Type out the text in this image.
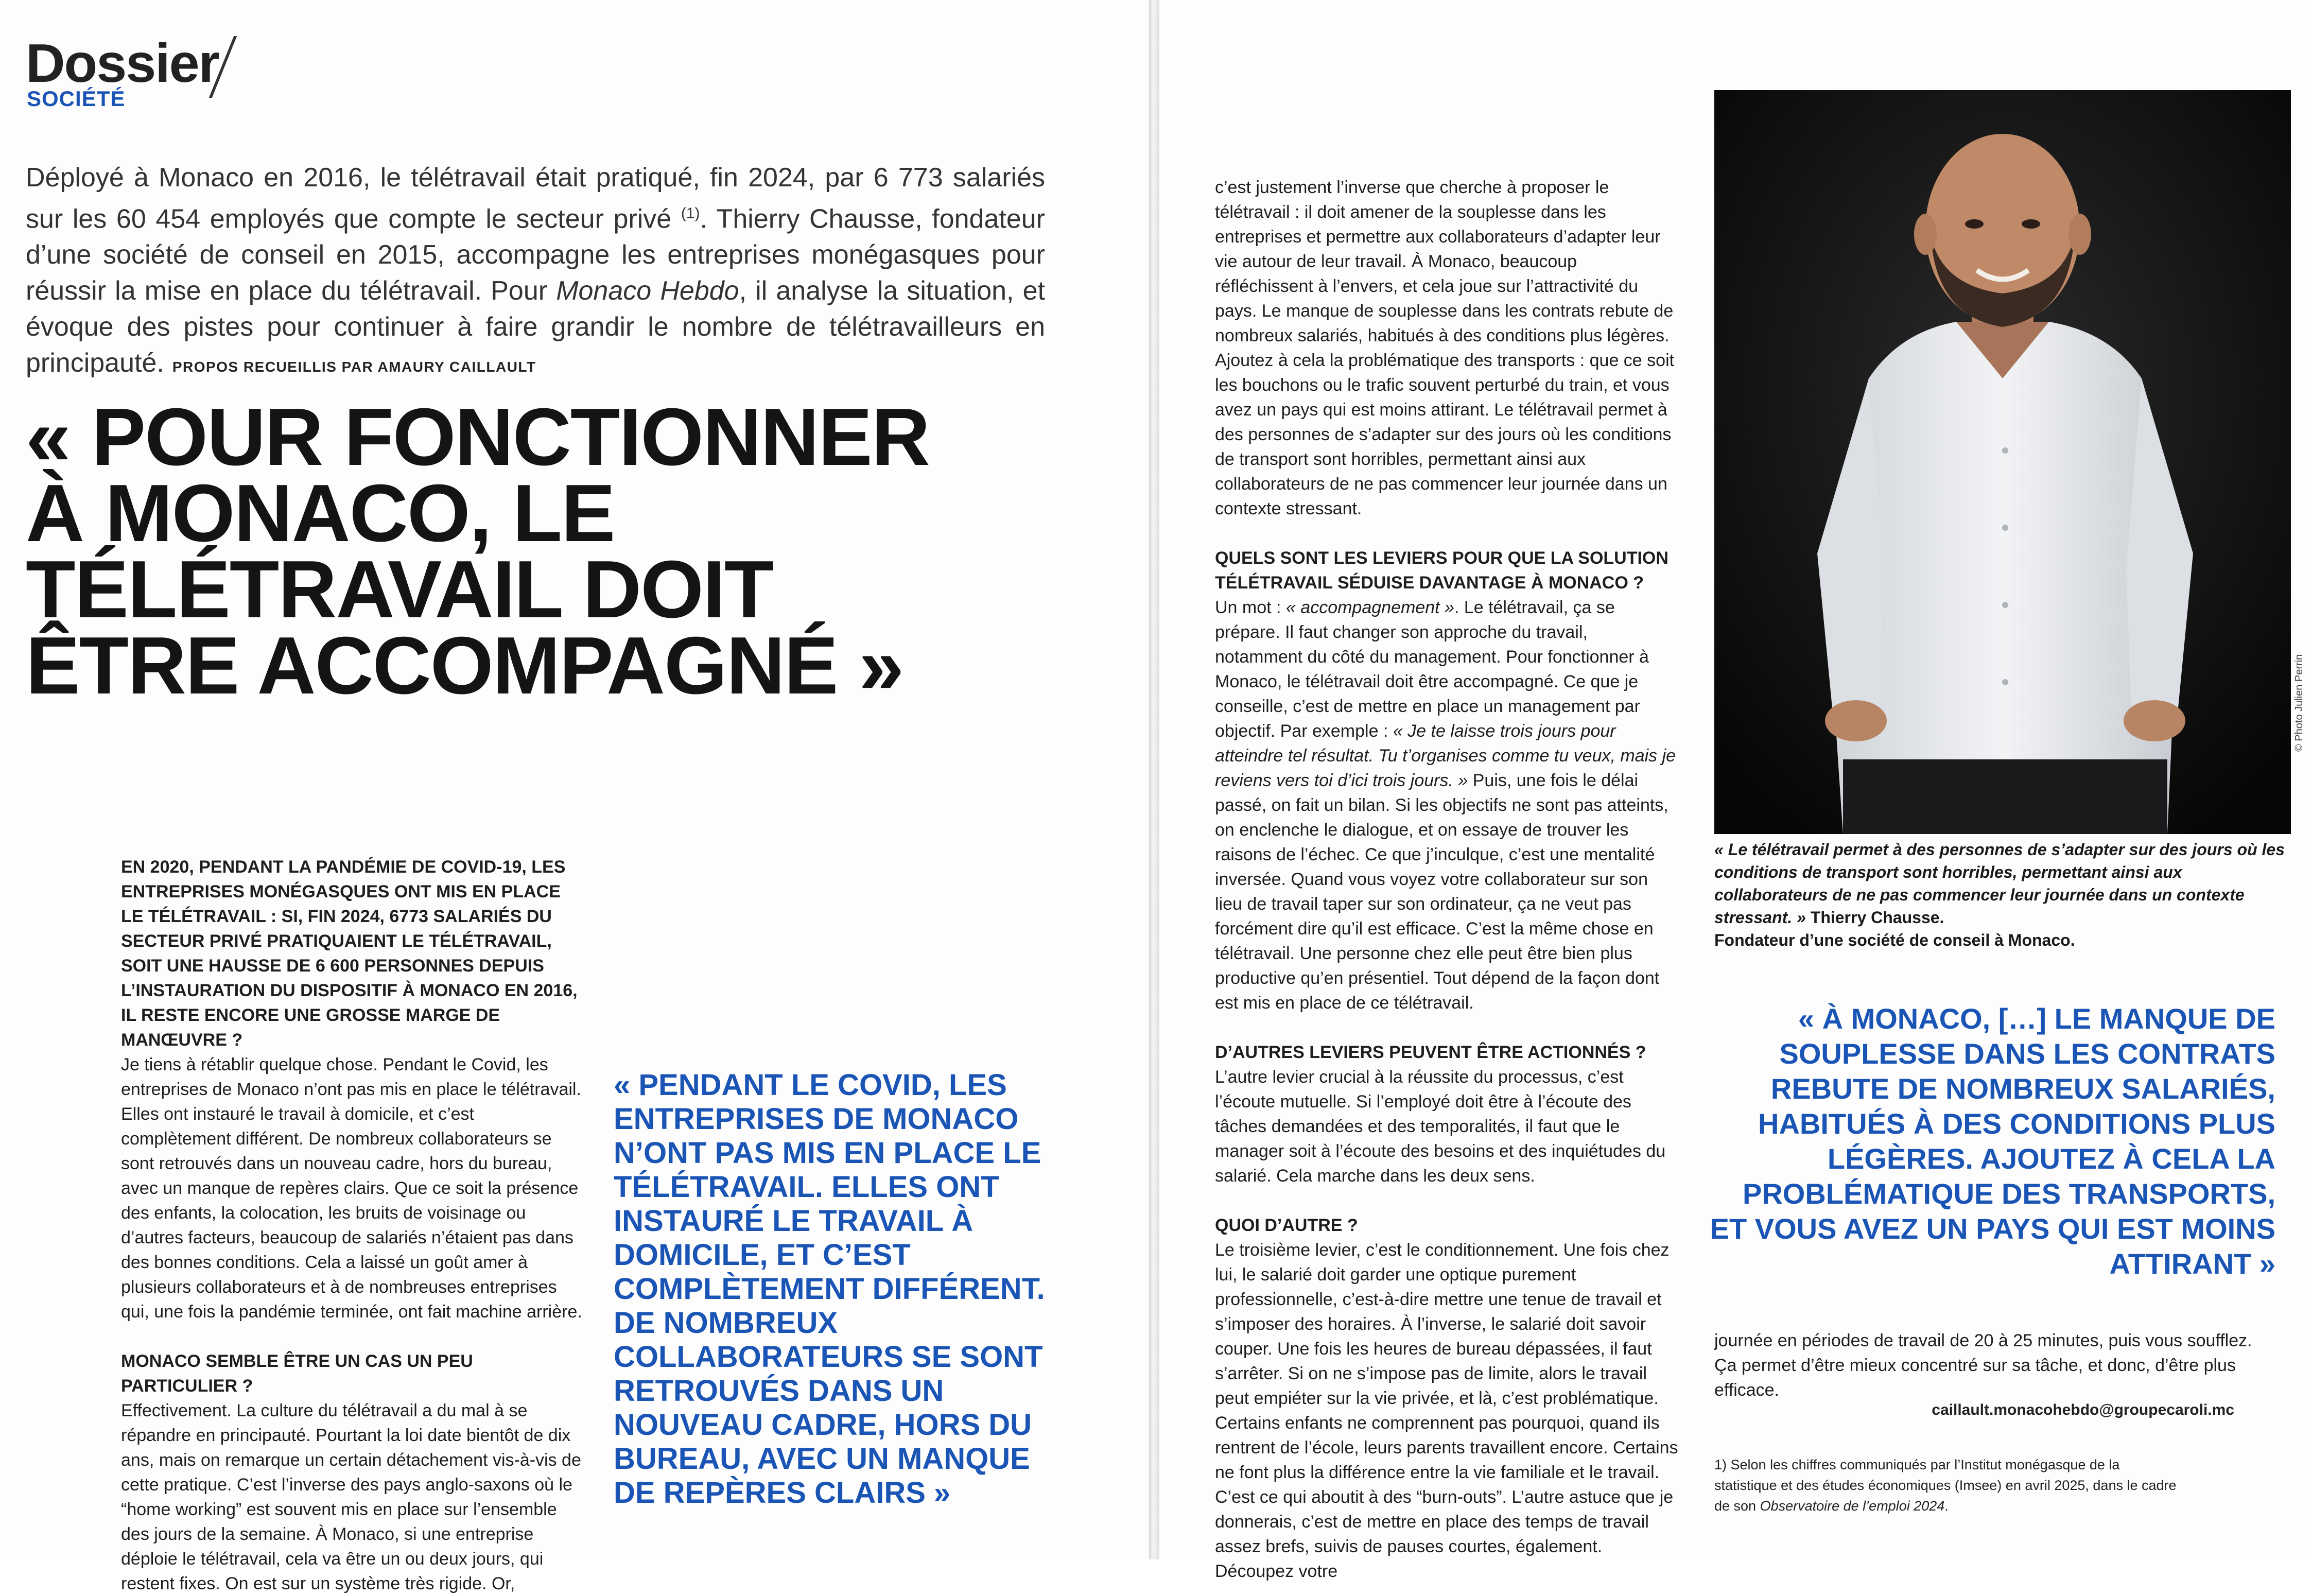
Dossier
SOCIÉTÉ
Déployé à Monaco en 2016, le télétravail était pratiqué, fin 2024, par 6 773 salariés sur les 60 454 employés que compte le secteur privé $^{(1)}$. Thierry Chausse, fondateur d’une société de conseil en 2015, accompagne les entreprises monégasques pour réussir la mise en place du télétravail. Pour Monaco Hebdo, il analyse la situation, et évoque des pistes pour continuer à faire grandir le nombre de télétravailleurs en principauté. PROPOS RECUEILLIS PAR AMAURY CAILLAULT
« POUR FONCTIONNER
À MONACO, LE
TÉLÉTRAVAIL DOIT
ÊTRE ACCOMPAGNÉ »

EN 2020, PENDANT LA PANDÉMIE DE COVID-19, LES ENTREPRISES MONÉGASQUES ONT MIS EN PLACE LE TÉLÉTRAVAIL : SI, FIN 2024, 6773 SALARIÉS DU SECTEUR PRIVÉ PRATIQUAIENT LE TÉLÉTRAVAIL, SOIT UNE HAUSSE DE 6 600 PERSONNES DEPUIS L’INSTAURATION DU DISPOSITIF À MONACO EN 2016, IL RESTE ENCORE UNE GROSSE MARGE DE MANŒUVRE ?

Je tiens à rétablir quelque chose. Pendant le Covid, les entreprises de Monaco n’ont pas mis en place le télétravail. Elles ont instauré le travail à domicile, et c’est complètement différent. De nombreux collaborateurs se sont retrouvés dans un nouveau cadre, hors du bureau, avec un manque de repères clairs. Que ce soit la présence des enfants, la colocation, les bruits de voisinage ou d’autres facteurs, beaucoup de salariés n’étaient pas dans des bonnes conditions. Cela a laissé un goût amer à plusieurs collaborateurs et à de nombreuses entreprises qui, une fois la pandémie terminée, ont fait machine arrière.

MONACO SEMBLE ÊTRE UN CAS UN PEU PARTICULIER ?

Effectivement. La culture du télétravail a du mal à se répandre en principauté. Pourtant la loi date bientôt de dix ans, mais on remarque un certain détachement vis-à-vis de cette pratique. C’est l’inverse des pays anglo-saxons où le “home working” est souvent mis en place sur l’ensemble des jours de la semaine. À Monaco, si une entreprise déploie le télétravail, cela va être un ou deux jours, qui restent fixes. On est sur un système très rigide. Or,

« PENDANT LE COVID, LES ENTREPRISES DE MONACO N’ONT PAS MIS EN PLACE LE TÉLÉTRAVAIL. ELLES ONT INSTAURÉ LE TRAVAIL À DOMICILE, ET C’EST COMPLÈTEMENT DIFFÉRENT. DE NOMBREUX COLLABORATEURS SE SONT RETROUVÉS DANS UN NOUVEAU CADRE, HORS DU BUREAU, AVEC UN MANQUE DE REPÈRES CLAIRS »

c’est justement l’inverse que cherche à proposer le télétravail : il doit amener de la souplesse dans les entreprises et permettre aux collaborateurs d’adapter leur vie autour de leur travail. À Monaco, beaucoup réfléchissent à l’envers, et cela joue sur l’attractivité du pays. Le manque de souplesse dans les contrats rebute de nombreux salariés, habitués à des conditions plus légères. Ajoutez à cela la problématique des transports : que ce soit les bouchons ou le trafic souvent perturbé du train, et vous avez un pays qui est moins attirant. Le télétravail permet à des personnes de s’adapter sur des jours où les conditions de transport sont horribles, permettant ainsi aux collaborateurs de ne pas commencer leur journée dans un contexte stressant.

QUELS SONT LES LEVIERS POUR QUE LA SOLUTION TÉLÉTRAVAIL SÉDUISE DAVANTAGE À MONACO ?

Un mot : « accompagnement ». Le télétravail, ça se prépare. Il faut changer son approche du travail, notamment du côté du management. Pour fonctionner à Monaco, le télétravail doit être accompagné. Ce que je conseille, c’est de mettre en place un management par objectif. Par exemple : « Je te laisse trois jours pour atteindre tel résultat. Tu t’organises comme tu veux, mais je reviens vers toi d’ici trois jours. » Puis, une fois le délai passé, on fait un bilan. Si les objectifs ne sont pas atteints, on enclenche le dialogue, et on essaye de trouver les raisons de l’échec. Ce que j’inculque, c’est une mentalité inversée. Quand vous voyez votre collaborateur sur son lieu de travail taper sur son ordinateur, ça ne veut pas forcément dire qu’il est efficace. C’est la même chose en télétravail. Une personne chez elle peut être bien plus productive qu’en présentiel. Tout dépend de la façon dont est mis en place de ce télétravail.

D’AUTRES LEVIERS PEUVENT ÊTRE ACTIONNÉS ?

L’autre levier crucial à la réussite du processus, c’est l’écoute mutuelle. Si l’employé doit être à l’écoute des tâches demandées et des temporalités, il faut que le manager soit à l’écoute des besoins et des inquiétudes du salarié. Cela marche dans les deux sens.

QUOI D’AUTRE ?

Le troisième levier, c’est le conditionnement. Une fois chez lui, le salarié doit garder une optique purement professionnelle, c’est-à-dire mettre une tenue de travail et s’imposer des horaires. À l’inverse, le salarié doit savoir couper. Une fois les heures de bureau dépassées, il faut s’arrêter. Si on ne s’impose pas de limite, alors le travail peut empiéter sur la vie privée, et là, c’est problématique. Certains enfants ne comprennent pas pourquoi, quand ils rentrent de l’école, leurs parents travaillent encore. Certains ne font plus la différence entre la vie familiale et le travail. C’est ce qui aboutit à des “burn-outs”. L’autre astuce que je donnerais, c’est de mettre en place des temps de travail assez brefs, suivis de pauses courtes, également. Découpez votre

© Photo Julien Perrin
« Le télétravail permet à des personnes de s’adapter sur des jours où les conditions de transport sont horribles, permettant ainsi aux collaborateurs de ne pas commencer leur journée dans un contexte stressant. » Thierry Chausse.
Fondateur d’une société de conseil à Monaco.
« À MONACO, […] LE MANQUE DE SOUPLESSE DANS LES CONTRATS REBUTE DE NOMBREUX SALARIÉS, HABITUÉS À DES CONDITIONS PLUS LÉGÈRES. AJOUTEZ À CELA LA PROBLÉMATIQUE DES TRANSPORTS, ET VOUS AVEZ UN PAYS QUI EST MOINS ATTIRANT »

journée en périodes de travail de 20 à 25 minutes, puis vous soufflez. Ça permet d’être mieux concentré sur sa tâche, et donc, d’être plus efficace.

caillault.monacohebdo@groupecaroli.mc
1) Selon les chiffres communiqués par l’Institut monégasque de la statistique et des études économiques (Imsee) en avril 2025, dans le cadre de son Observatoire de l’emploi 2024.
